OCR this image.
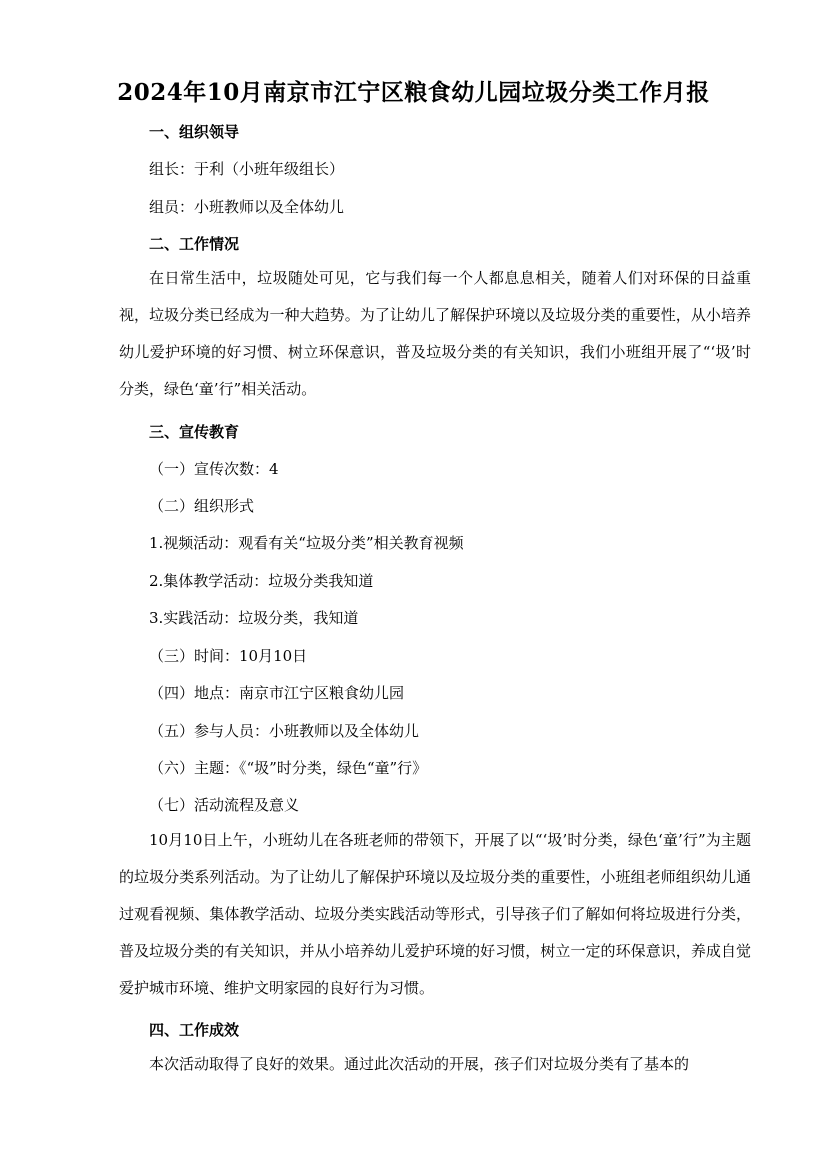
2024年10月南京市江宁区粮食幼儿园垃圾分类工作月报
一、组织领导
组长：于利（小班年级组长）
组员：小班教师以及全体幼儿
二、工作情况
在日常生活中，垃圾随处可见，它与我们每一个人都息息相关，随着人们对环保的日益重视，垃圾分类已经成为一种大趋势。为了让幼儿了解保护环境以及垃圾分类的重要性，从小培养幼儿爱护环境的好习惯、树立环保意识，普及垃圾分类的有关知识，我们小班组开展了“‘圾’时分类，绿色‘童’行”相关活动。
三、宣传教育
（一）宣传次数：4
（二）组织形式
1.视频活动：观看有关“垃圾分类”相关教育视频
2.集体教学活动：垃圾分类我知道
3.实践活动：垃圾分类，我知道
（三）时间：10月10日
（四）地点：南京市江宁区粮食幼儿园
（五）参与人员：小班教师以及全体幼儿
（六）主题：《“圾”时分类，绿色“童”行》
（七）活动流程及意义
10月10日上午，小班幼儿在各班老师的带领下，开展了以“‘圾’时分类，绿色‘童’行”为主题的垃圾分类系列活动。为了让幼儿了解保护环境以及垃圾分类的重要性，小班组老师组织幼儿通过观看视频、集体教学活动、垃圾分类实践活动等形式，引导孩子们了解如何将垃圾进行分类，普及垃圾分类的有关知识，并从小培养幼儿爱护环境的好习惯，树立一定的环保意识，养成自觉爱护城市环境、维护文明家园的良好行为习惯。
四、工作成效
本次活动取得了良好的效果。通过此次活动的开展，孩子们对垃圾分类有了基本的
